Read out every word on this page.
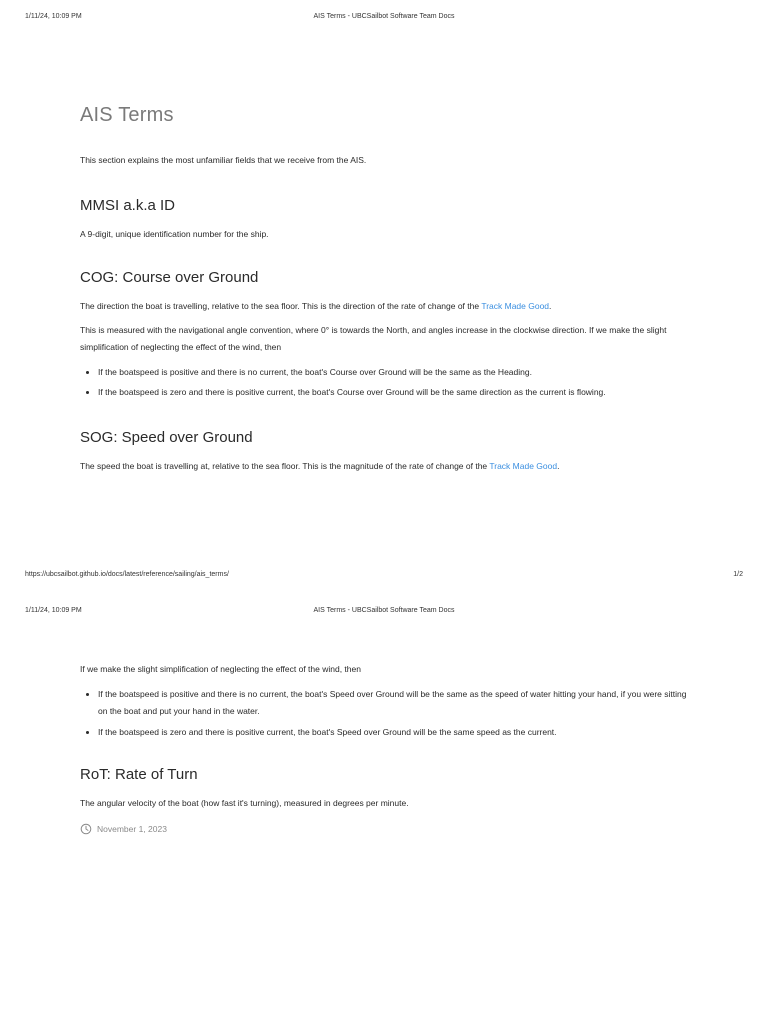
1/11/24, 10:09 PM	AIS Terms - UBCSailbot Software Team Docs
AIS Terms

This section explains the most unfamiliar fields that we receive from the AIS.

MMSI a.k.a ID

A 9-digit, unique identification number for the ship.

COG: Course over Ground

The direction the boat is travelling, relative to the sea floor. This is the direction of the rate of change of the Track Made Good.

This is measured with the navigational angle convention, where 0° is towards the North, and angles increase in the clockwise direction. If we make the slight simplification of neglecting the effect of the wind, then

• If the boatspeed is positive and there is no current, the boat's Course over Ground will be the same as the Heading.
• If the boatspeed is zero and there is positive current, the boat's Course over Ground will be the same direction as the current is flowing.
SOG: Speed over Ground

The speed the boat is travelling at, relative to the sea floor. This is the magnitude of the rate of change of the Track Made Good.

https://ubcsailbot.github.io/docs/latest/reference/sailing/ais_terms/	1/2
1/11/24, 10:09 PM	AIS Terms - UBCSailbot Software Team Docs

If we make the slight simplification of neglecting the effect of the wind, then

• If the boatspeed is positive and there is no current, the boat's Speed over Ground will be the same as the speed of water hitting your hand, if you were sitting on the boat and put your hand in the water.
• If the boatspeed is zero and there is positive current, the boat's Speed over Ground will be the same speed as the current.
RoT: Rate of Turn

The angular velocity of the boat (how fast it's turning), measured in degrees per minute.

November 1, 2023
